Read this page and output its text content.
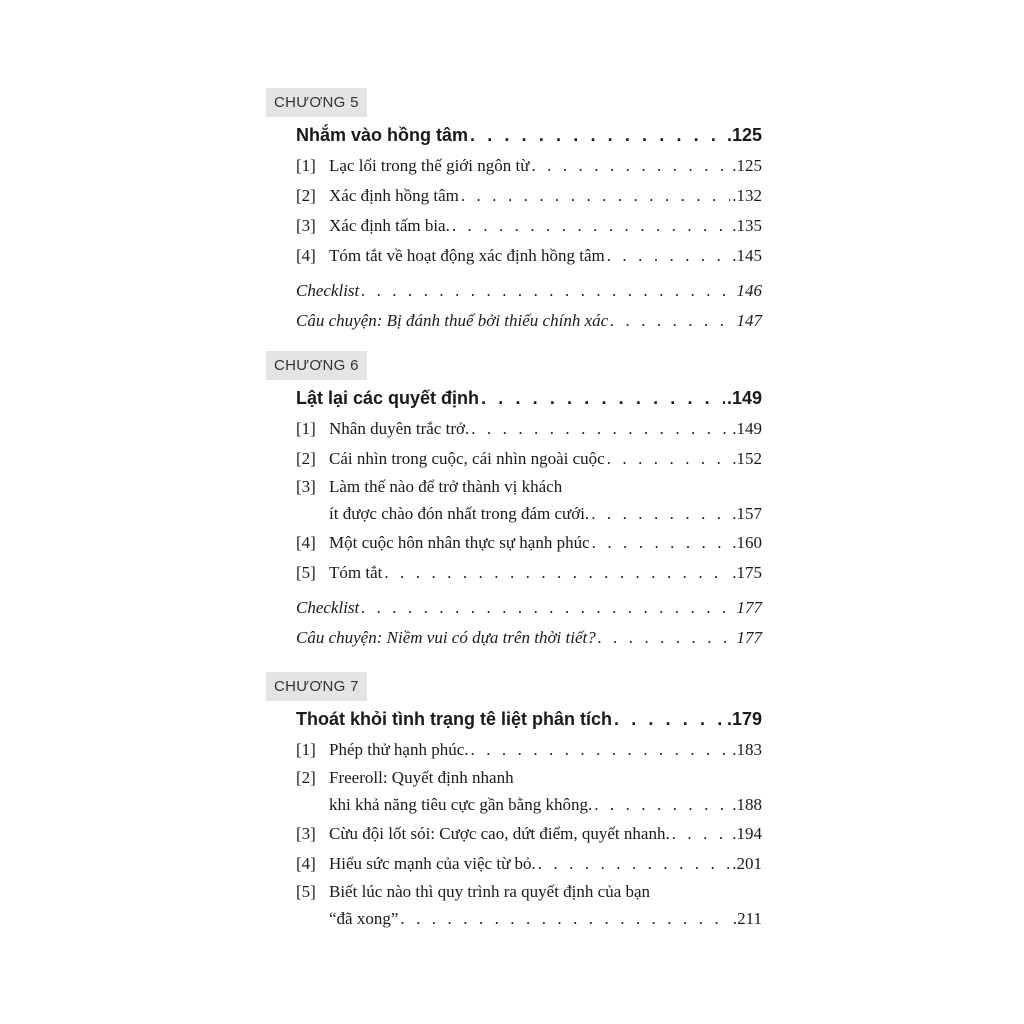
CHƯƠNG 5
Nhắm vào hồng tâm . . .	.125
[1] Lạc lối trong thế giới ngôn từ . . .	.125
[2] Xác định hồng tâm . . .	.132
[3] Xác định tấm bia. . . .	.135
[4] Tóm tắt về hoạt động xác định hồng tâm . . .	.145
Checklist . . .	146
Câu chuyện: Bị đánh thuế bởi thiếu chính xác . . .	147
CHƯƠNG 6
Lật lại các quyết định . . .	.149
[1] Nhân duyên trắc trở. . . .	.149
[2] Cái nhìn trong cuộc, cái nhìn ngoài cuộc . . .	.152
[3] Làm thế nào để trở thành vị khách
ít được chào đón nhất trong đám cưới. . . .	.157
[4] Một cuộc hôn nhân thực sự hạnh phúc . . .	.160
[5] Tóm tắt . . .	.175
Checklist . . .	177
Câu chuyện: Niềm vui có dựa trên thời tiết? . . .	177
CHƯƠNG 7
Thoát khỏi tình trạng tê liệt phân tích . . .	.179
[1] Phép thử hạnh phúc. . . .	.183
[2] Freeroll: Quyết định nhanh
khi khả năng tiêu cực gần bằng không. . . .	.188
[3] Cừu đội lốt sói: Cược cao, dứt điểm, quyết nhanh. . . .	.194
[4] Hiểu sức mạnh của việc từ bỏ. . . .	.201
[5] Biết lúc nào thì quy trình ra quyết định của bạn
“đã xong” . . .	.211
